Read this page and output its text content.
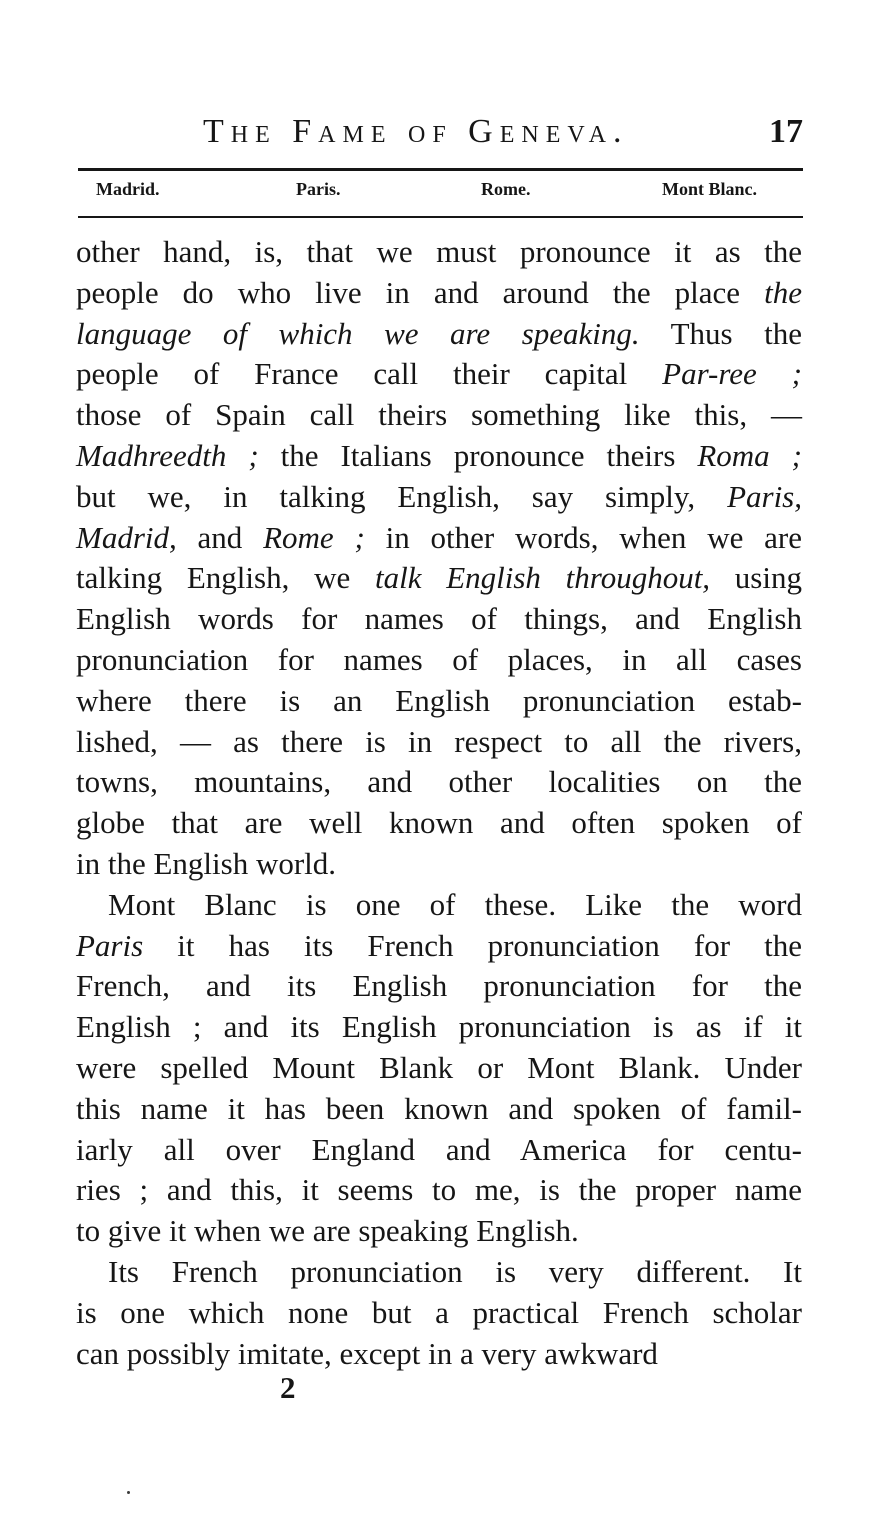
The Fame of Geneva.	17
Madrid.	Paris.	Rome.	Mont Blanc.
other hand, is, that we must pronounce it as the
people do who live in and around the place the
language of which we are speaking. Thus the
people of France call their capital Par-ree ;
those of Spain call theirs something like this, —
Madhreedth ; the Italians pronounce theirs Roma ;
but we, in talking English, say simply, Paris,
Madrid, and Rome ; in other words, when we are
talking English, we talk English throughout, using
English words for names of things, and English
pronunciation for names of places, in all cases
where there is an English pronunciation estab-
lished, — as there is in respect to all the rivers,
towns, mountains, and other localities on the
globe that are well known and often spoken of
in the English world.
Mont Blanc is one of these. Like the word
Paris it has its French pronunciation for the
French, and its English pronunciation for the
English ; and its English pronunciation is as if it
were spelled Mount Blank or Mont Blank. Under
this name it has been known and spoken of famil-
iarly all over England and America for centu-
ries ; and this, it seems to me, is the proper name
to give it when we are speaking English.
Its French pronunciation is very different. It
is one which none but a practical French scholar
can possibly imitate, except in a very awkward
2
